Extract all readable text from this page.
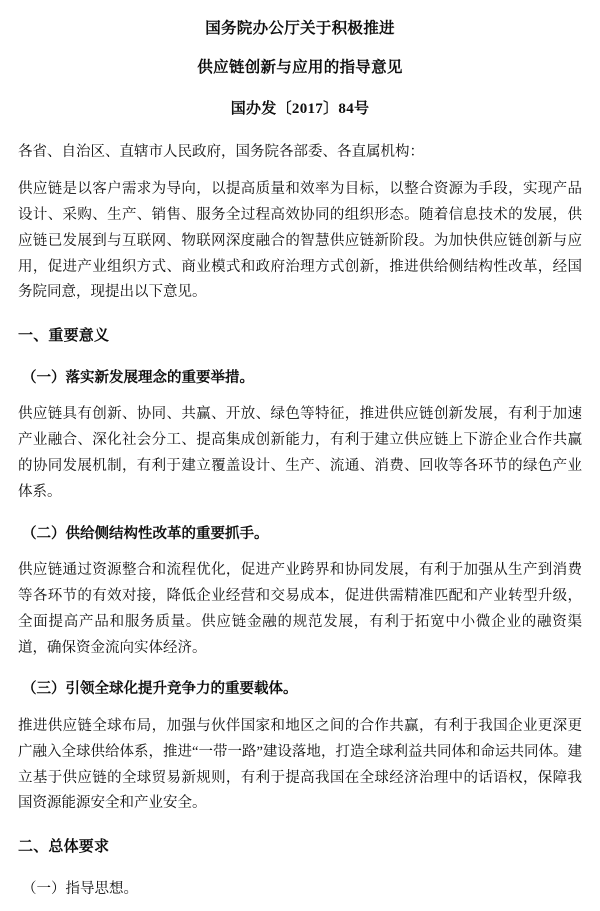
国务院办公厅关于积极推进
供应链创新与应用的指导意见
国办发〔2017〕84号
各省、自治区、直辖市人民政府，国务院各部委、各直属机构：

供应链是以客户需求为导向，以提高质量和效率为目标，以整合资源为手段，实现产品设计、采购、生产、销售、服务全过程高效协同的组织形态。随着信息技术的发展，供应链已发展到与互联网、物联网深度融合的智慧供应链新阶段。为加快供应链创新与应用，促进产业组织方式、商业模式和政府治理方式创新，推进供给侧结构性改革，经国务院同意，现提出以下意见。

一、重要意义
（一）落实新发展理念的重要举措。

供应链具有创新、协同、共赢、开放、绿色等特征，推进供应链创新发展，有利于加速产业融合、深化社会分工、提高集成创新能力，有利于建立供应链上下游企业合作共赢的协同发展机制，有利于建立覆盖设计、生产、流通、消费、回收等各环节的绿色产业体系。

（二）供给侧结构性改革的重要抓手。

供应链通过资源整合和流程优化，促进产业跨界和协同发展，有利于加强从生产到消费等各环节的有效对接，降低企业经营和交易成本，促进供需精准匹配和产业转型升级，全面提高产品和服务质量。供应链金融的规范发展，有利于拓宽中小微企业的融资渠道，确保资金流向实体经济。

（三）引领全球化提升竞争力的重要载体。

推进供应链全球布局，加强与伙伴国家和地区之间的合作共赢，有利于我国企业更深更广融入全球供给体系，推进“一带一路”建设落地，打造全球利益共同体和命运共同体。建立基于供应链的全球贸易新规则，有利于提高我国在全球经济治理中的话语权，保障我国资源能源安全和产业安全。

二、总体要求
（一）指导思想。
